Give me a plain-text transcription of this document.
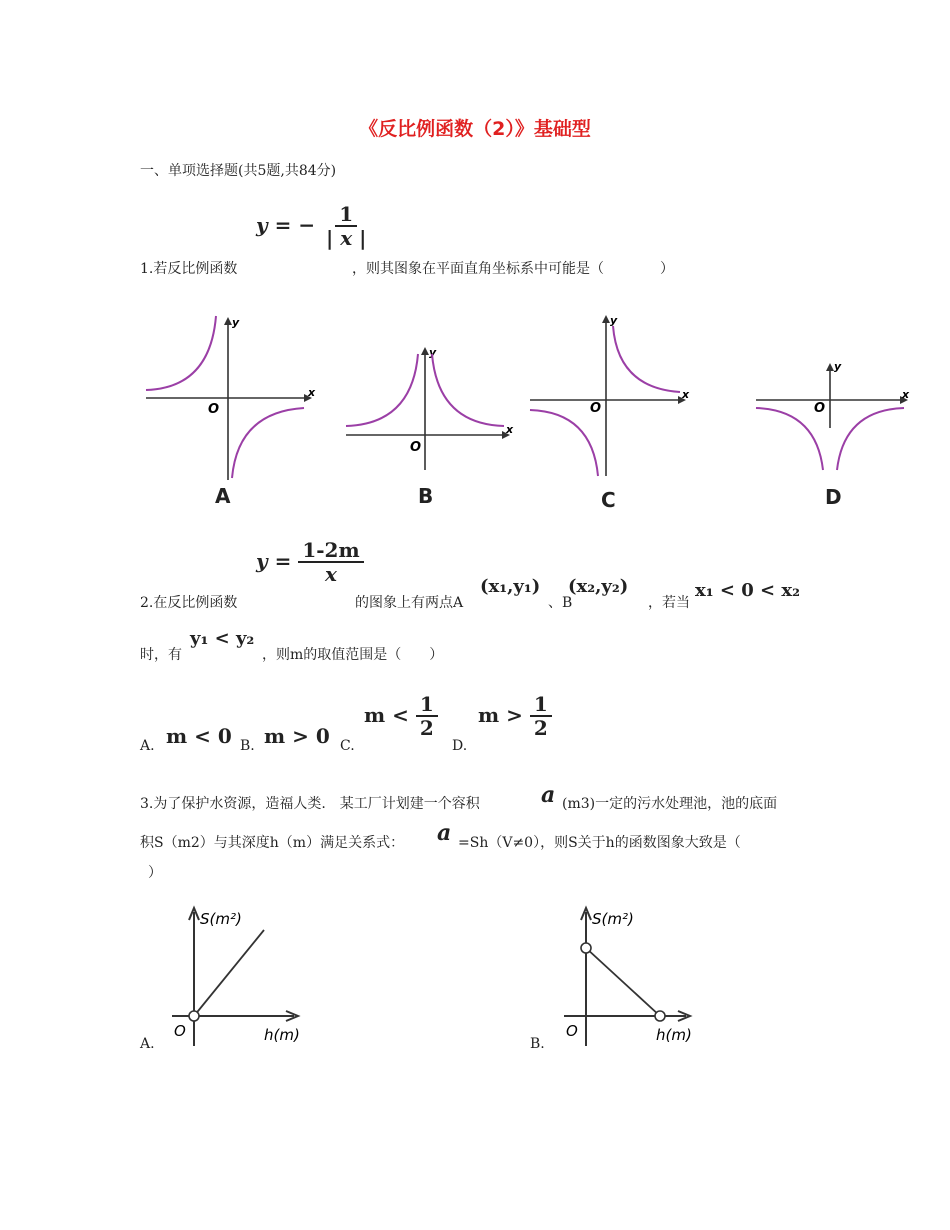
《反比例函数（2）》基础型
一、单项选择题(共5题,共84分)
1.若反比例函数
y = − $\frac{1}{| x |}$
，则其图象在平面直角坐标系中可能是（　　　　）
x
y
O
x
y
O
x
y
O
x
y
O
A	B	C	D
2.在反比例函数
$y = \frac{1-2m}{x}$
的图象上有两点A
(x₁,y₁)
、B
(x₂,y₂)
，若当
x₁ < 0 < x₂
时，有
y₁ < y₂
，则m的取值范围是（　　）
A. m < 0 B. m > 0 C.
$m < \frac{1}{2}$
D.
$m > \frac{1}{2}$
3.为了保护水资源，造福人类.　某工厂计划建一个容积	a (m3)一定的污水处理池，池的底面
积S（m2）与其深度h（m）满足关系式： a =Sh（V≠0），则S关于h的函数图象大致是（
）
A.
S(m²)
h(m)
O
B.
S(m²)
h(m)
O
